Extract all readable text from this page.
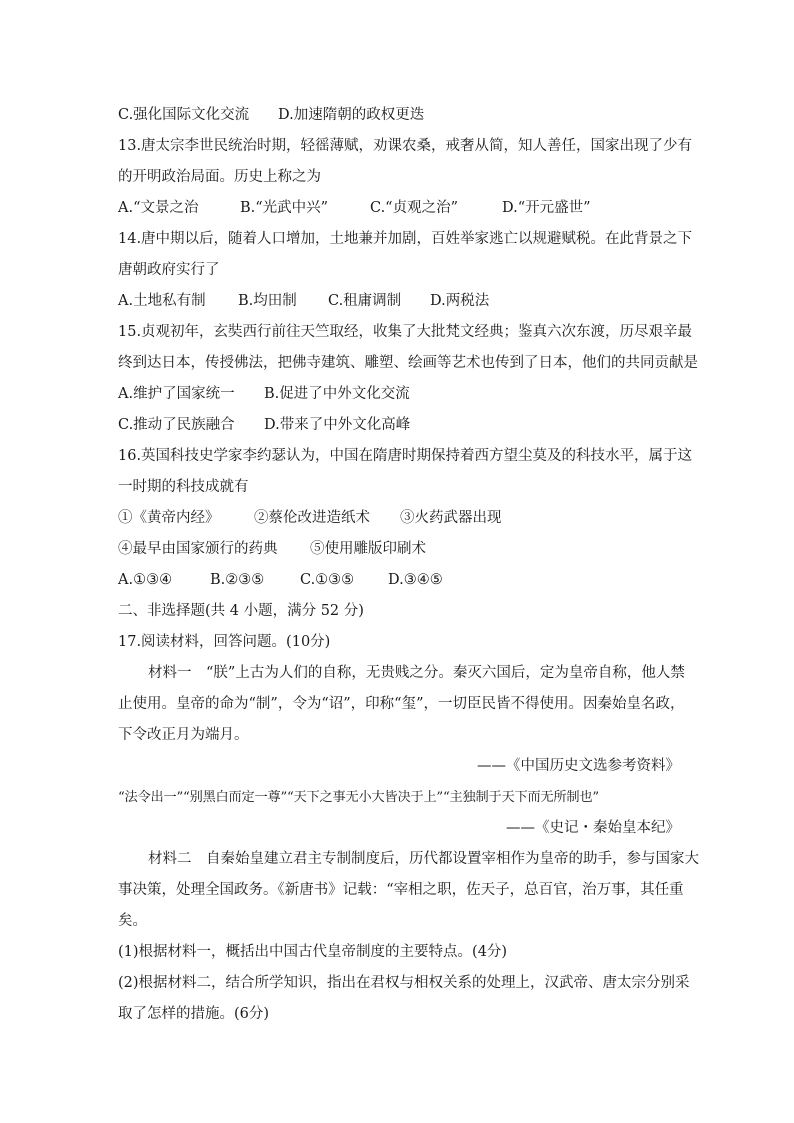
C.强化国际文化交流	D.加速隋朝的政权更迭
13.唐太宗李世民统治时期，轻徭薄赋，劝课农桑，戒奢从简，知人善任，国家出现了少有
的开明政治局面。历史上称之为
A.“文景之治	B.“光武中兴”	C.“贞观之治”	D.“开元盛世”
14.唐中期以后，随着人口增加，土地兼并加剧，百姓举家逃亡以规避赋税。在此背景之下
唐朝政府实行了
A.土地私有制	B.均田制	C.租庸调制	D.两税法
15.贞观初年，玄奘西行前往天竺取经，收集了大批梵文经典；鉴真六次东渡，历尽艰辛最
终到达日本，传授佛法，把佛寺建筑、雕塑、绘画等艺术也传到了日本，他们的共同贡献是
A.维护了国家统一	B.促进了中外文化交流
C.推动了民族融合	D.带来了中外文化高峰
16.英国科技史学家李约瑟认为，中国在隋唐时期保持着西方望尘莫及的科技水平，属于这
一时期的科技成就有
①《黄帝内经》	②蔡伦改进造纸术	③火药武器出现
④最早由国家颁行的药典	⑤使用雕版印刷术
A.①③④	B.②③⑤	C.①③⑤	D.③④⑤
二、非选择题(共 4 小题，满分 52 分)
17.阅读材料，回答问题。(10分)
材料一　“朕”上古为人们的自称，无贵贱之分。秦灭六国后，定为皇帝自称，他人禁
止使用。皇帝的命为“制”，令为“诏”，印称“玺”，一切臣民皆不得使用。因秦始皇名政，
下令改正月为端月。
——《中国历史文选参考资料》
“法令出一”“别黑白而定一尊”“天下之事无小大皆决于上”“主独制于天下而无所制也”
——《史记・秦始皇本纪》
材料二　自秦始皇建立君主专制制度后，历代都设置宰相作为皇帝的助手，参与国家大
事决策，处理全国政务。《新唐书》记载：“宰相之职，佐天子，总百官，治万事，其任重
矣。
(1)根据材料一，概括出中国古代皇帝制度的主要特点。(4分)
(2)根据材料二，结合所学知识，指出在君权与相权关系的处理上，汉武帝、唐太宗分别采
取了怎样的措施。(6分)
